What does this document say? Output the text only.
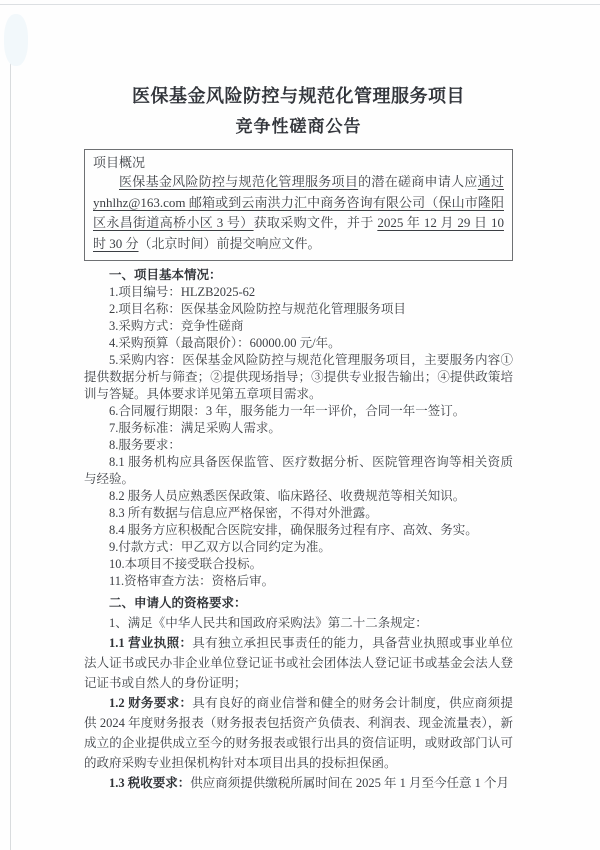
医保基金风险防控与规范化管理服务项目
竞争性磋商公告
项目概况

医保基金风险防控与规范化管理服务项目的潜在磋商申请人应通过 ynhlhz@163.com 邮箱或到云南洪力汇中商务咨询有限公司（保山市隆阳区永昌街道高桥小区 3 号）获取采购文件，并于 2025 年 12 月 29 日 10 时 30 分（北京时间）前提交响应文件。

一、项目基本情况：

1.项目编号：HLZB2025-62

2.项目名称：医保基金风险防控与规范化管理服务项目

3.采购方式：竞争性磋商

4.采购预算（最高限价）：60000.00 元/年。

5.采购内容：医保基金风险防控与规范化管理服务项目，主要服务内容①提供数据分析与筛查；②提供现场指导；③提供专业报告输出；④提供政策培训与答疑。具体要求详见第五章项目需求。

6.合同履行期限：3 年，服务能力一年一评价，合同一年一签订。

7.服务标准：满足采购人需求。

8.服务要求：

8.1 服务机构应具备医保监管、医疗数据分析、医院管理咨询等相关资质与经验。

8.2 服务人员应熟悉医保政策、临床路径、收费规范等相关知识。

8.3 所有数据与信息应严格保密，不得对外泄露。

8.4 服务方应积极配合医院安排，确保服务过程有序、高效、务实。

9.付款方式：甲乙双方以合同约定为准。

10.本项目不接受联合投标。

11.资格审查方法：资格后审。

二、申请人的资格要求：

1、满足《中华人民共和国政府采购法》第二十二条规定：

1.1 营业执照：具有独立承担民事责任的能力，具备营业执照或事业单位法人证书或民办非企业单位登记证书或社会团体法人登记证书或基金会法人登记证书或自然人的身份证明；

1.2 财务要求：具有良好的商业信誉和健全的财务会计制度，供应商须提供 2024 年度财务报表（财务报表包括资产负债表、利润表、现金流量表），新成立的企业提供成立至今的财务报表或银行出具的资信证明，或财政部门认可的政府采购专业担保机构针对本项目出具的投标担保函。

1.3 税收要求：供应商须提供缴税所属时间在 2025 年 1 月至今任意 1 个月
